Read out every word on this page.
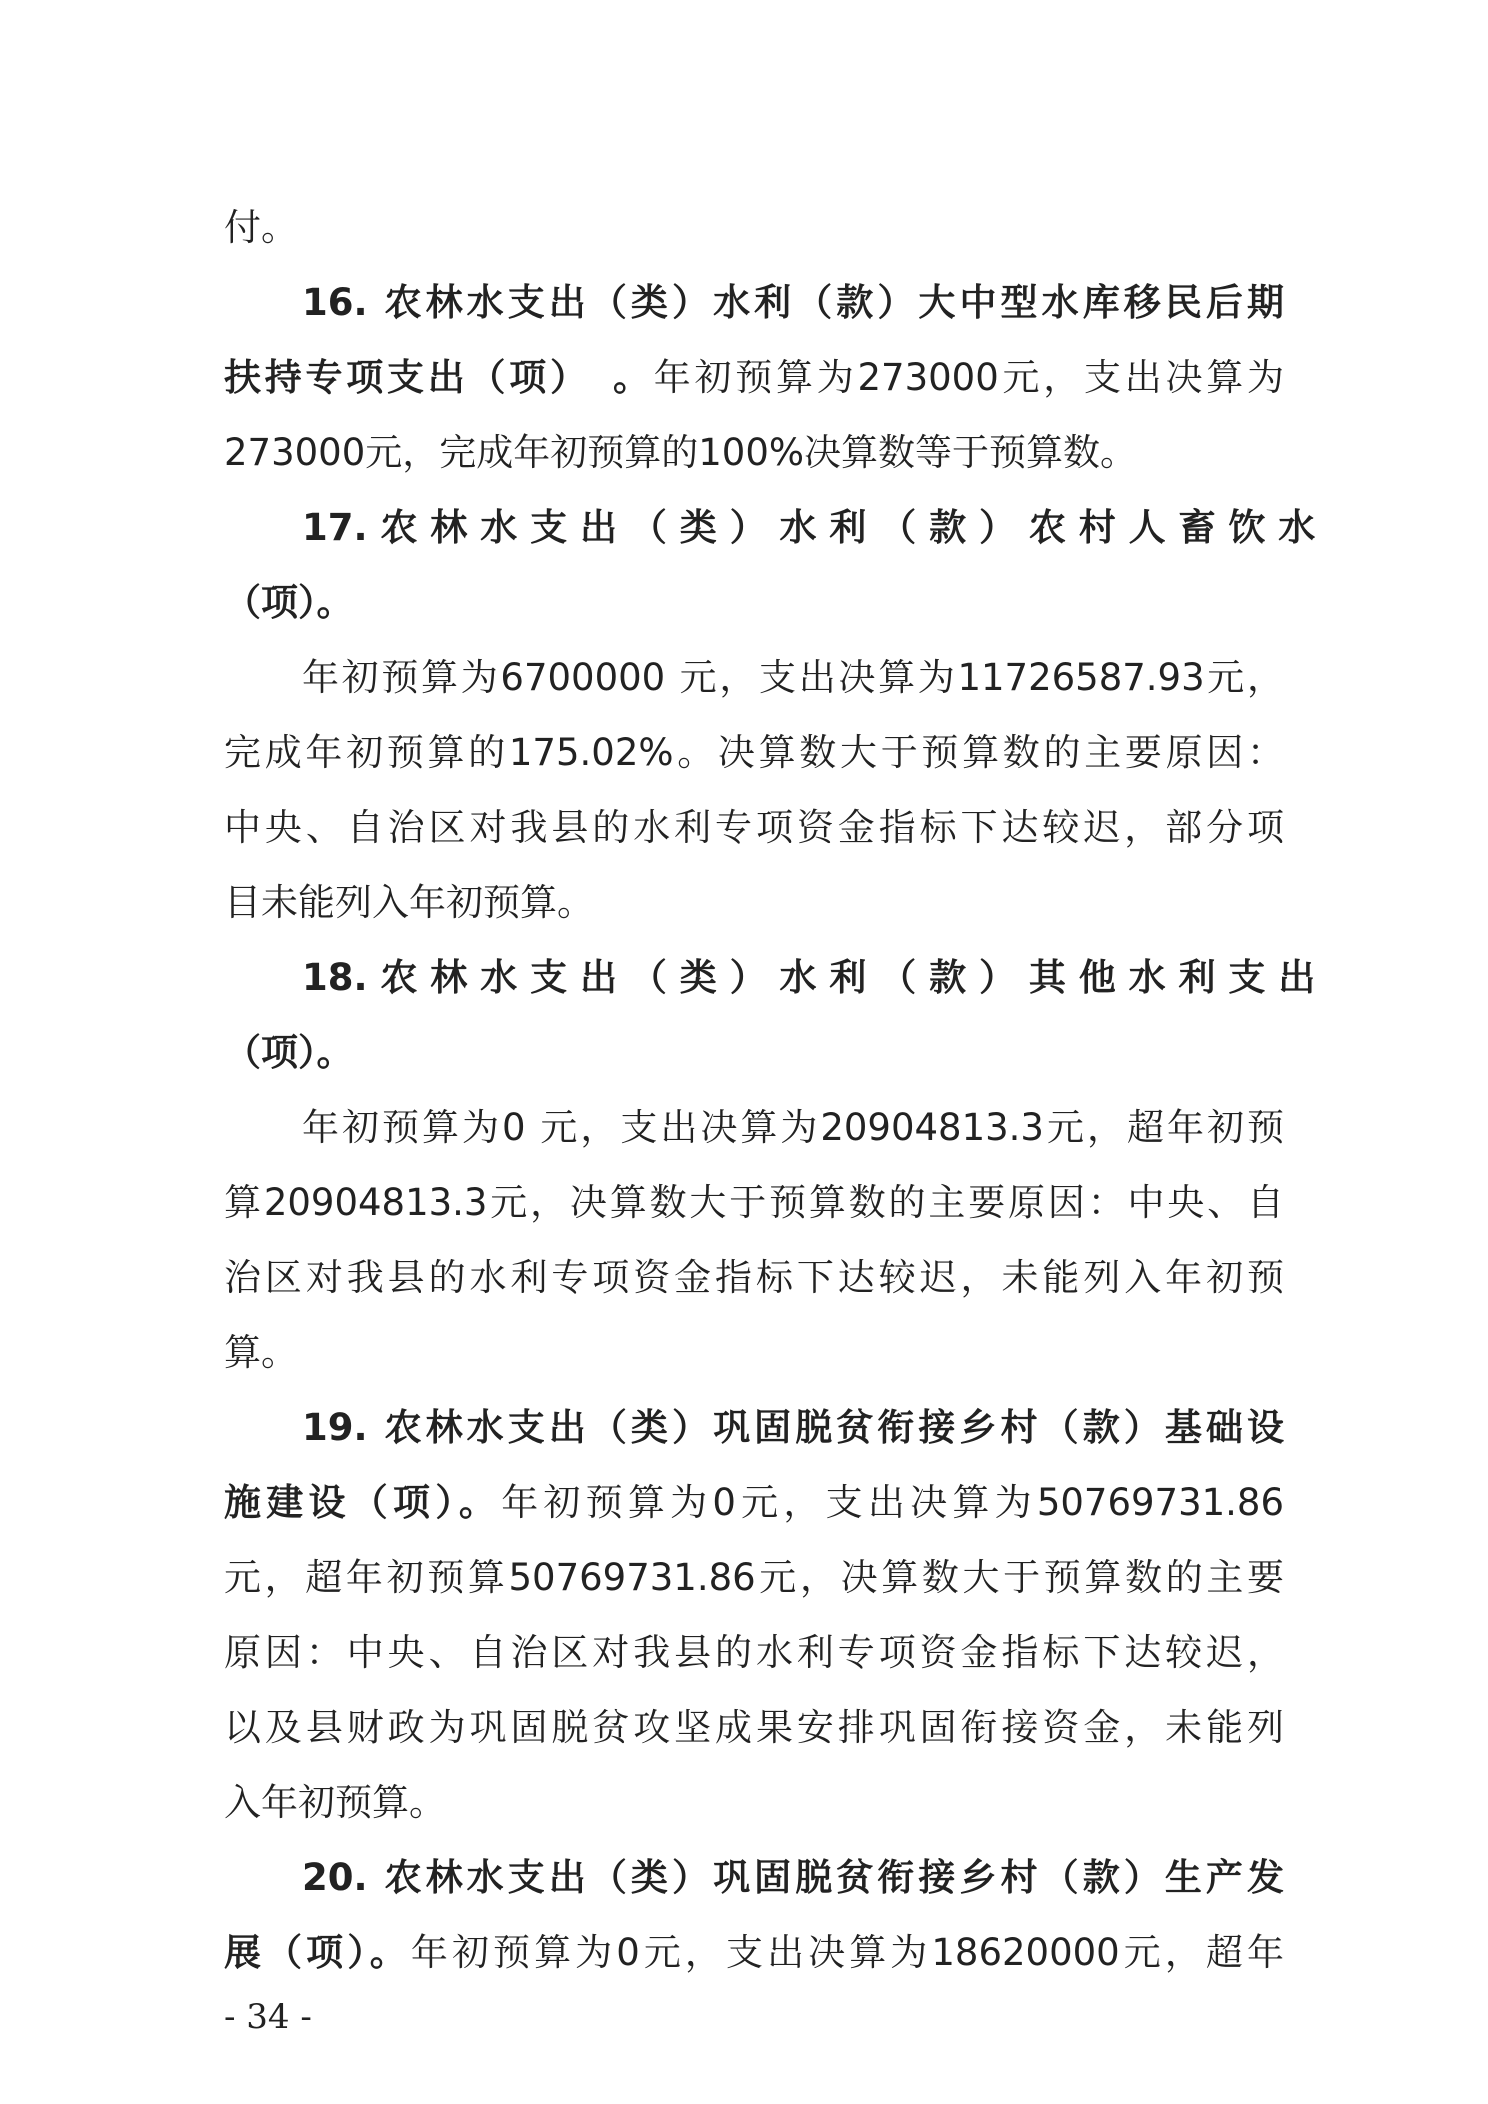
付。
16. 农林水支出（类）水利（款）大中型水库移民后期
扶持专项支出（项）　。年初预算为273000元，支出决算为
273000元，完成年初预算的100%决算数等于预算数。
17. 农 林 水 支 出 （ 类 ） 水 利 （ 款 ） 农 村 人 畜 饮 水
（项）。
年初预算为6700000 元，支出决算为11726587.93元，
完成年初预算的175.02%。决算数大于预算数的主要原因：
中央、自治区对我县的水利专项资金指标下达较迟，部分项
目未能列入年初预算。
18. 农 林 水 支 出 （ 类 ） 水 利 （ 款 ） 其 他 水 利 支 出
（项）。
年初预算为0 元，支出决算为20904813.3元，超年初预
算20904813.3元，决算数大于预算数的主要原因：中央、自
治区对我县的水利专项资金指标下达较迟，未能列入年初预
算。
19. 农林水支出（类）巩固脱贫衔接乡村（款）基础设
施建设（项）。年初预算为0元，支出决算为50769731.86
元，超年初预算50769731.86元，决算数大于预算数的主要
原因：中央、自治区对我县的水利专项资金指标下达较迟，
以及县财政为巩固脱贫攻坚成果安排巩固衔接资金，未能列
入年初预算。
20. 农林水支出（类）巩固脱贫衔接乡村（款）生产发
展（项）。年初预算为0元，支出决算为18620000元，超年
- 34 -
